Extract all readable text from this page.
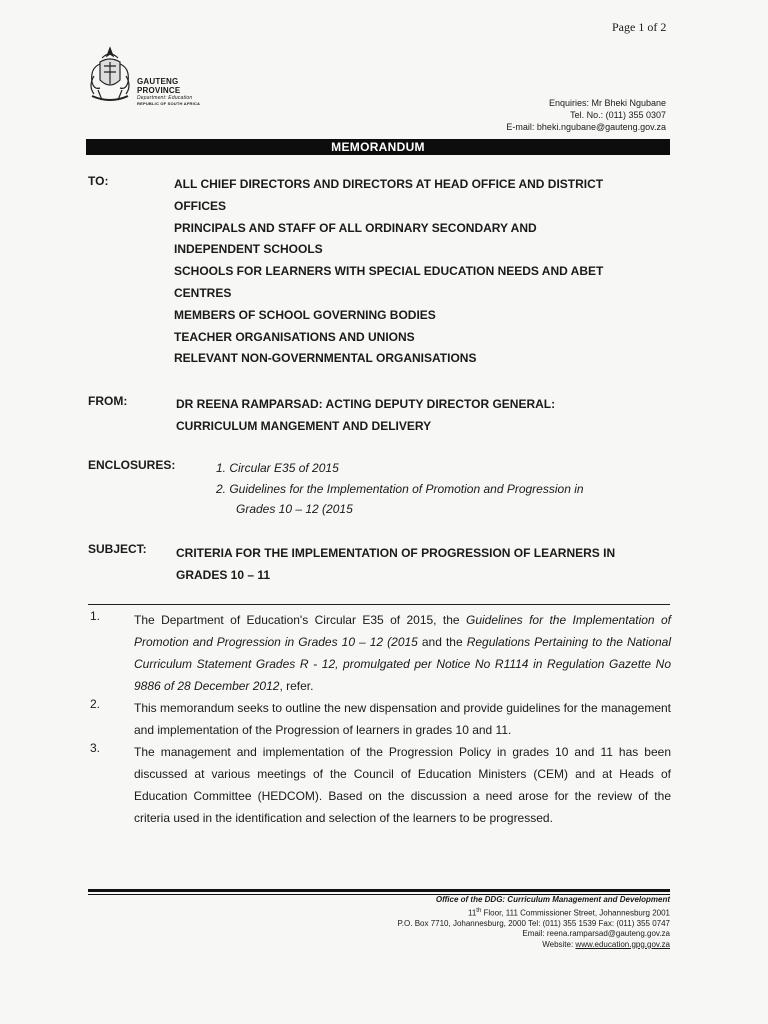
Page 1 of 2
GAUTENG PROVINCE
Department: Education
REPUBLIC OF SOUTH AFRICA	Enquiries: Mr Bheki Ngubane
Tel. No.: (011) 355 0307
E-mail: bheki.ngubane@gauteng.gov.za
MEMORANDUM
TO:	ALL CHIEF DIRECTORS AND DIRECTORS AT HEAD OFFICE AND DISTRICT
OFFICES
PRINCIPALS AND STAFF OF ALL ORDINARY SECONDARY AND
INDEPENDENT SCHOOLS
SCHOOLS FOR LEARNERS WITH SPECIAL EDUCATION NEEDS AND ABET
CENTRES
MEMBERS OF SCHOOL GOVERNING BODIES
TEACHER ORGANISATIONS AND UNIONS
RELEVANT NON-GOVERNMENTAL ORGANISATIONS
FROM:	DR REENA RAMPARSAD: ACTING DEPUTY DIRECTOR GENERAL:
CURRICULUM MANGEMENT AND DELIVERY
ENCLOSURES:	1. Circular E35 of 2015
2. Guidelines for the Implementation of Promotion and Progression in
Grades 10 – 12 (2015
SUBJECT: CRITERIA FOR THE IMPLEMENTATION OF PROGRESSION OF LEARNERS IN
GRADES 10 – 11
1.	The Department of Education's Circular E35 of 2015, the Guidelines for the Implementation of Promotion and Progression in Grades 10 – 12 (2015 and the Regulations Pertaining to the National Curriculum Statement Grades R - 12, promulgated per Notice No R1114 in Regulation Gazette No 9886 of 28 December 2012, refer.
2.	This memorandum seeks to outline the new dispensation and provide guidelines for the management and implementation of the Progression of learners in grades 10 and 11.
3.	The management and implementation of the Progression Policy in grades 10 and 11 has been discussed at various meetings of the Council of Education Ministers (CEM) and at Heads of Education Committee (HEDCOM). Based on the discussion a need arose for the review of the criteria used in the identification and selection of the learners to be progressed.
Office of the DDG: Curriculum Management and Development
11th Floor, 111 Commissioner Street, Johannesburg 2001
P.O. Box 7710, Johannesburg, 2000 Tel: (011) 355 1539 Fax: (011) 355 0747
Email: reena.ramparsad@gauteng.gov.za
Website: www.education.gpg.gov.za
